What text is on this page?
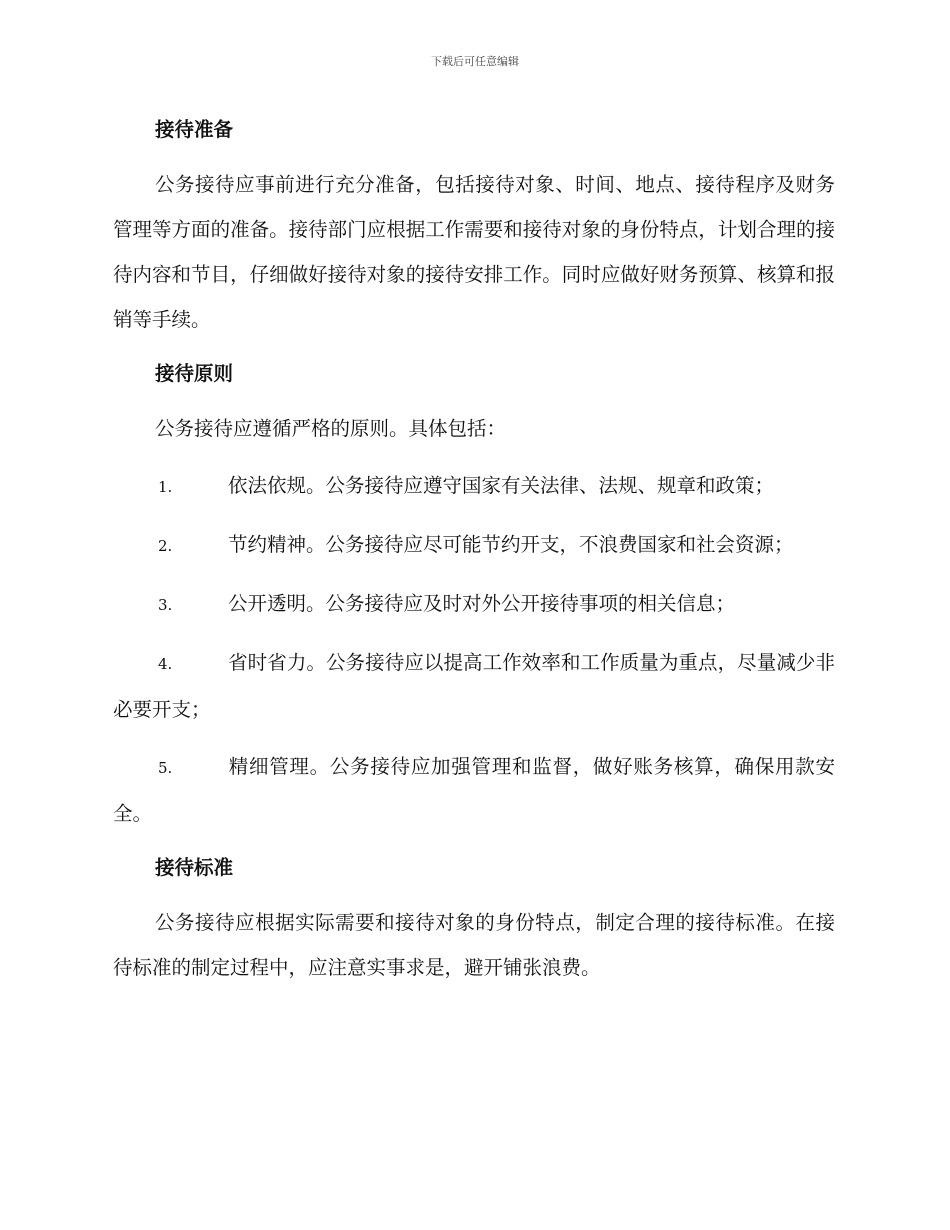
下载后可任意编辑
接待准备

公务接待应事前进行充分准备，包括接待对象、时间、地点、接待程序及财务管理等方面的准备。接待部门应根据工作需要和接待对象的身份特点，计划合理的接待内容和节目，仔细做好接待对象的接待安排工作。同时应做好财务预算、核算和报销等手续。

接待原则

公务接待应遵循严格的原则。具体包括：

1.	依法依规。公务接待应遵守国家有关法律、法规、规章和政策；
2.	节约精神。公务接待应尽可能节约开支，不浪费国家和社会资源；
3.	公开透明。公务接待应及时对外公开接待事项的相关信息；
4.	省时省力。公务接待应以提高工作效率和工作质量为重点，尽量减少非必要开支；
5.	精细管理。公务接待应加强管理和监督，做好账务核算，确保用款安全。
接待标准

公务接待应根据实际需要和接待对象的身份特点，制定合理的接待标准。在接待标准的制定过程中，应注意实事求是，避开铺张浪费。
